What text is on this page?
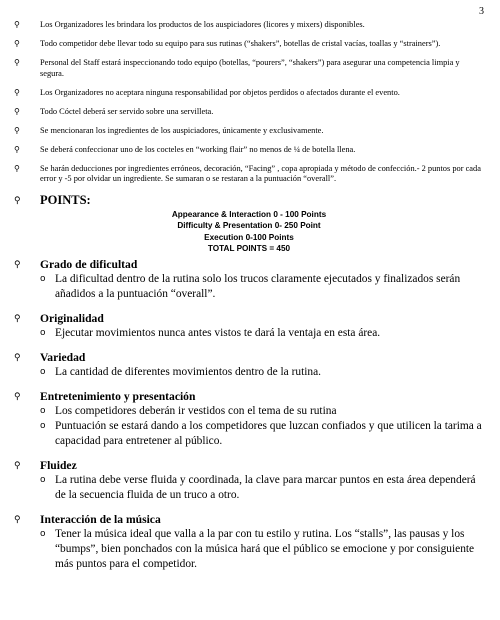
3
⚲	Los Organizadores les brindara los productos de los auspiciadores (licores y mixers) disponibles.
⚲	Todo competidor debe llevar todo su equipo para sus rutinas (“shakers”, botellas de cristal vacías, toallas y “strainers”).
⚲	Personal del Staff estará inspeccionando todo equipo (botellas, “pourers”, “shakers”) para asegurar una competencia limpia y segura.
⚲	Los Organizadores no aceptara ninguna responsabilidad por objetos perdidos o afectados durante el evento.
⚲	Todo Cóctel deberá ser servido sobre una servilleta.
⚲	Se mencionaran los ingredientes de los auspiciadores, únicamente y exclusivamente.
⚲	Se deberá confeccionar uno de los cocteles en “working flair” no menos de ¼ de botella llena.
⚲	Se harán deducciones por ingredientes erróneos, decoración, “Facing” , copa apropiada y método de confección.- 2 puntos por cada error y -5 por olvidar un ingrediente. Se sumaran o se restaran a la puntuación “overall”.
⚲	POINTS:
Appearance & Interaction 0 - 100 Points
Difficulty & Presentation 0- 250 Point
Execution 0-100 Points
TOTAL POINTS = 450
⚲	Grado de dificultad
o La dificultad dentro de la rutina solo los trucos claramente ejecutados y finalizados serán añadidos a la puntuación “overall”.
⚲	Originalidad
o Ejecutar movimientos nunca antes vistos te dará la ventaja en esta área.
⚲	Variedad
o La cantidad de diferentes movimientos dentro de la rutina.
⚲	Entretenimiento y presentación
o Los competidores deberán ir vestidos con el tema de su rutina
o Puntuación se estará dando a los competidores que luzcan confiados y que utilicen la tarima a capacidad para entretener al público.
⚲	Fluidez
o La rutina debe verse fluida y coordinada, la clave para marcar puntos en esta área dependerá de la secuencia fluida de un truco a otro.
⚲	Interacción de la música
o Tener la música ideal que valla a la par con tu estilo y rutina. Los “stalls”, las pausas y los “bumps”, bien ponchados con la música hará que el público se emocione y por consiguiente más puntos para el competidor.
